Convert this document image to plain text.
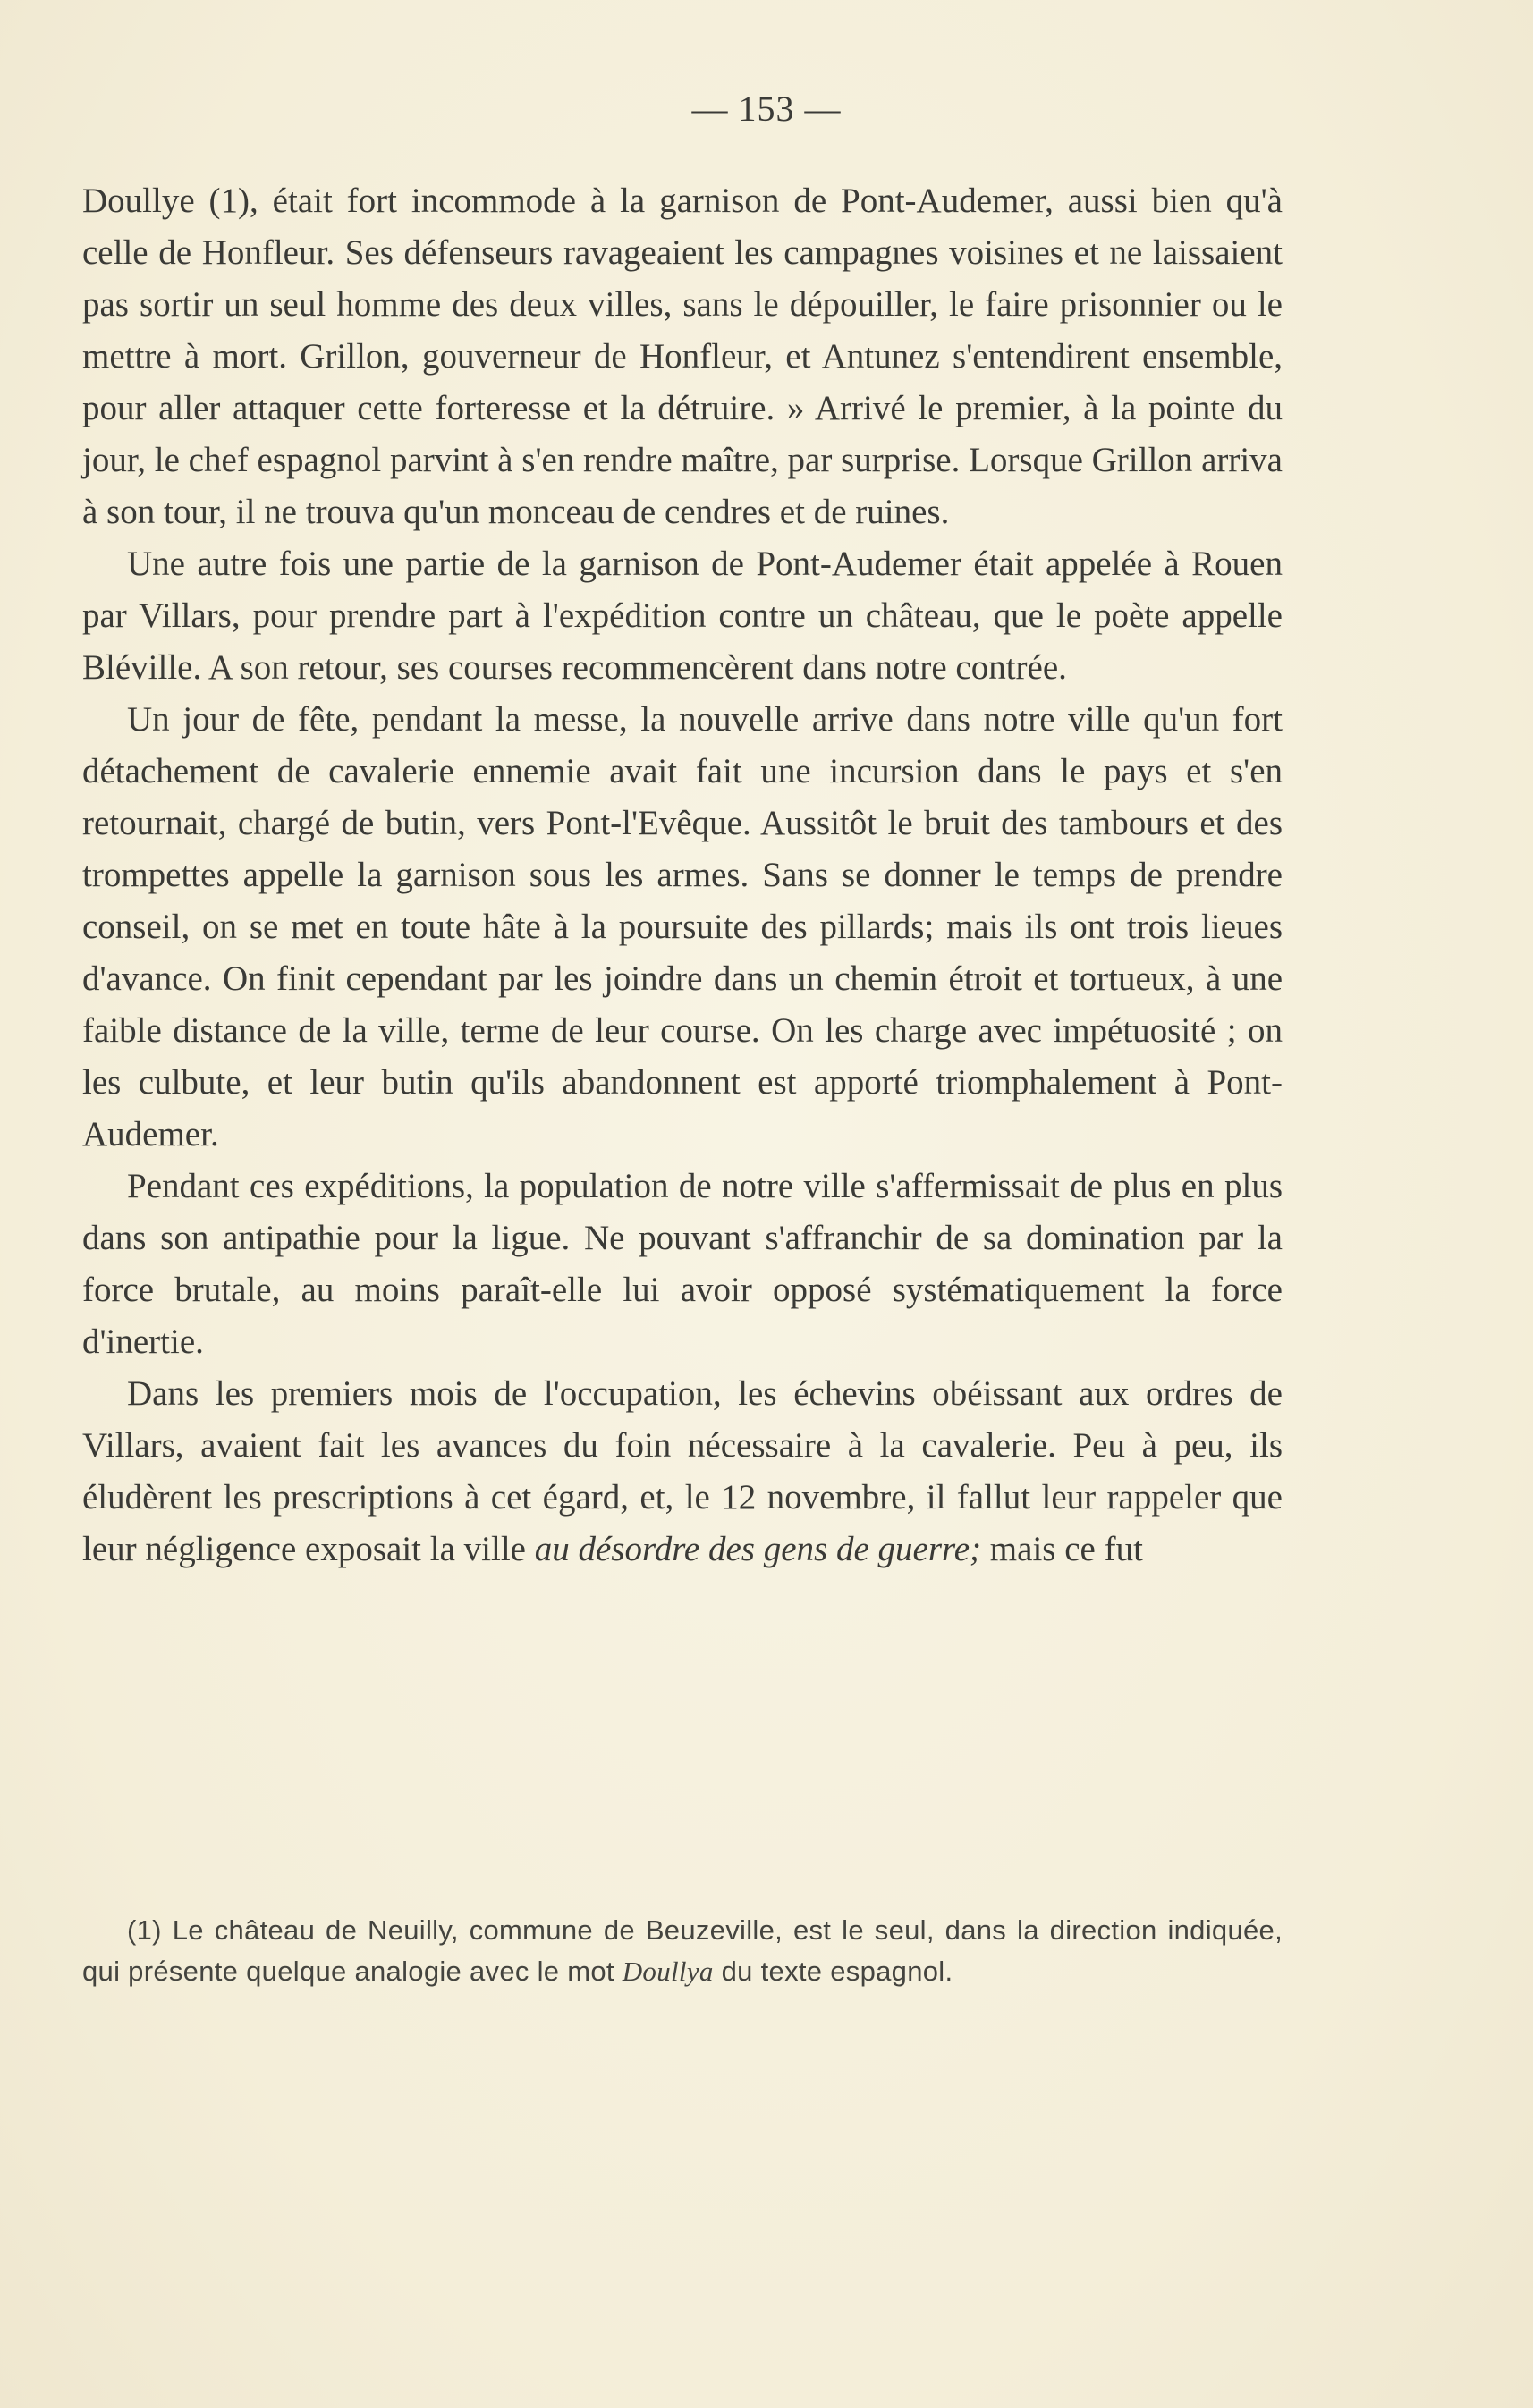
— 153 —

Doullye (1), était fort incommode à la garnison de Pont-Audemer, aussi bien qu'à celle de Honfleur. Ses défenseurs ravageaient les campagnes voisines et ne laissaient pas sortir un seul homme des deux villes, sans le dépouiller, le faire prisonnier ou le mettre à mort. Grillon, gouverneur de Honfleur, et Antunez s'entendirent ensemble, pour aller attaquer cette forteresse et la détruire. » Arrivé le premier, à la pointe du jour, le chef espagnol parvint à s'en rendre maître, par surprise. Lorsque Grillon arriva à son tour, il ne trouva qu'un monceau de cendres et de ruines.

Une autre fois une partie de la garnison de Pont-Audemer était appelée à Rouen par Villars, pour prendre part à l'expédition contre un château, que le poète appelle Bléville. A son retour, ses courses recommencèrent dans notre contrée.

Un jour de fête, pendant la messe, la nouvelle arrive dans notre ville qu'un fort détachement de cavalerie ennemie avait fait une incursion dans le pays et s'en retournait, chargé de butin, vers Pont-l'Evêque. Aussitôt le bruit des tambours et des trompettes appelle la garnison sous les armes. Sans se donner le temps de prendre conseil, on se met en toute hâte à la poursuite des pillards; mais ils ont trois lieues d'avance. On finit cependant par les joindre dans un chemin étroit et tortueux, à une faible distance de la ville, terme de leur course. On les charge avec impétuosité ; on les culbute, et leur butin qu'ils abandonnent est apporté triomphalement à Pont-Audemer.

Pendant ces expéditions, la population de notre ville s'affermissait de plus en plus dans son antipathie pour la ligue. Ne pouvant s'affranchir de sa domination par la force brutale, au moins paraît-elle lui avoir opposé systématiquement la force d'inertie.

Dans les premiers mois de l'occupation, les échevins obéissant aux ordres de Villars, avaient fait les avances du foin nécessaire à la cavalerie. Peu à peu, ils éludèrent les prescriptions à cet égard, et, le 12 novembre, il fallut leur rappeler que leur négligence exposait la ville au désordre des gens de guerre; mais ce fut

(1) Le château de Neuilly, commune de Beuzeville, est le seul, dans la direction indiquée, qui présente quelque analogie avec le mot Doullya du texte espagnol.
